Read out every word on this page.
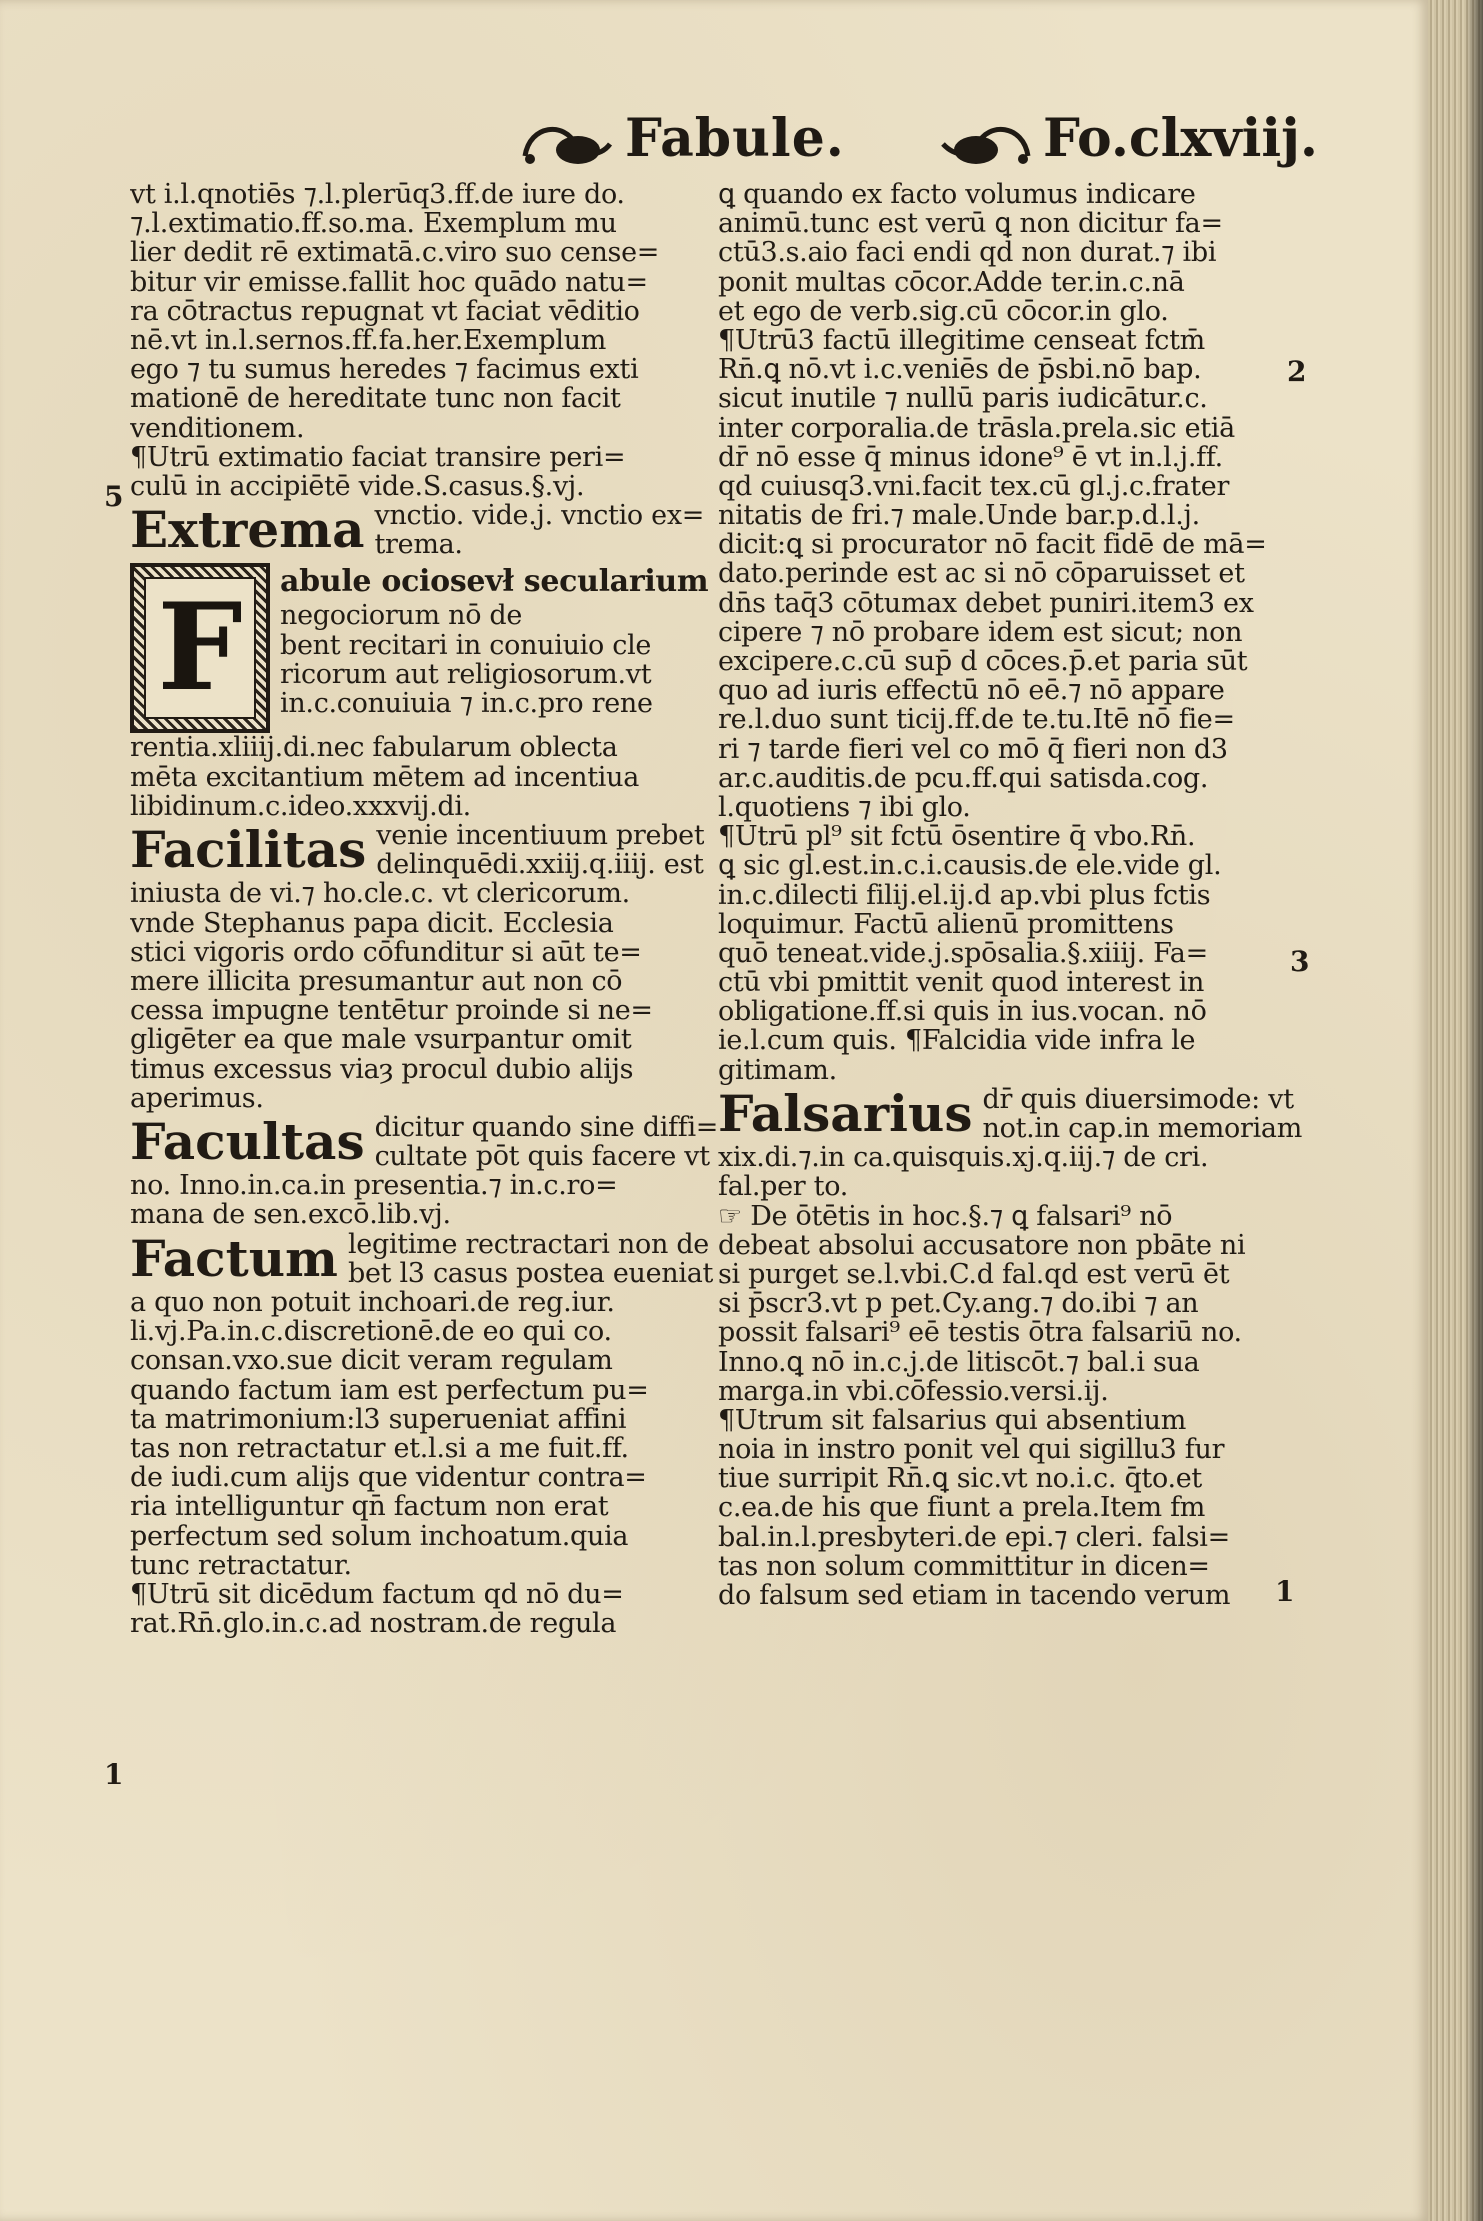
Fabule.	Fo.clxviij.
vt i.l.qnotiēs ⁊.l.plerūq3.ff.de iure do.
⁊.l.extimatio.ff.so.ma. Exemplum mu
lier dedit rē extimatā.c.viro suo cense=
bitur vir emisse.fallit hoc quādo natu=
ra cōtractus repugnat vt faciat vēditio
nē.vt in.l.sernos.ff.fa.her.Exemplum
ego ⁊ tu sumus heredes ⁊ facimus exti
mationē de hereditate tunc non facit
venditionem.
¶Utrū extimatio faciat transire peri=
culū in accipiētē vide.S.casus.§.vj.
Extrema vnctio. vide.j. vnctio ex=
trema.
F abule ociosevł secularium
negociorum nō de
bent recitari in conuiuio cle
ricorum aut religiosorum.vt
in.c.conuiuia ⁊ in.c.pro rene
rentia.xliiij.di.nec fabularum oblecta
mēta excitantium mētem ad incentiua
libidinum.c.ideo.xxxvij.di.
Facilitas venie incentiuum prebet
delinquēdi.xxiij.q.iiij. est
iniusta de vi.⁊ ho.cle.c. vt clericorum.
vnde Stephanus papa dicit. Ecclesia
stici vigoris ordo cōfunditur si aūt te=
mere illicita presumantur aut non cō
cessa impugne tentētur proinde si ne=
gligēter ea que male vsurpantur omit
timus excessus viaȝ procul dubio alijs
aperimus.
Facultas dicitur quando sine diffi=
cultate pōt quis facere vt
no. Inno.in.ca.in presentia.⁊ in.c.ro=
mana de sen.excō.lib.vj.
Factum legitime rectractari non de
bet l3 casus postea eueniat
a quo non potuit inchoari.de reg.iur.
li.vj.Pa.in.c.discretionē.de eo qui co.
consan.vxo.sue dicit veram regulam
quando factum iam est perfectum pu=
ta matrimonium:l3 superueniat affini
tas non retractatur et.l.si a me fuit.ff.
de iudi.cum alijs que videntur contra=
ria intelliguntur qn̄ factum non erat
perfectum sed solum inchoatum.quia
tunc retractatur.
¶Utrū sit dicēdum factum qd̄ nō du=
rat.Rn̄.glo.in.c.ad nostram.de regula
5
1
ꝗ quando ex facto volumus indicare
animū.tunc est verū ꝗ non dicitur fa=
ctū3.s.aio faci endi qd̄ non durat.⁊ ibi
ponit multas cōcor.Adde ter.in.c.nā
et ego de verb.sig.cū cōcor.in glo.
¶Utrū3 factū illegitime censeat fctm̄
Rn̄.ꝗ nō.vt i.c.veniēs de p̄sbi.nō bap.
sicut inutile ⁊ nullū paris iudicātur.c.
inter corporalia.de trāsla.prela.sic etiā
dr̄ nō esse q̄ minus idone⁹ ē vt in.l.j.ff.
qd̄ cuiusq3.vni.facit tex.cū gl.j.c.frater
nitatis de fri.⁊ male.Unde bar.p.d.l.j.
dicit:ꝗ si procurator nō facit fidē de mā=
dato.perinde est ac si nō cōparuisset et
dn̄s taq̄3 cōtumax debet puniri.item3 ex
cipere ⁊ nō probare idem est sicut; non
excipere.c.cū sup̄ d̄ cōces.p̄.et paria sūt
quo ad iuris effectū nō eē.⁊ nō appare
re.l.duo sunt ticij.ff.de te.tu.Itē nō fie=
ri ⁊ tarde fieri vel co mō q̄ fieri non d3
ar.c.auditis.de pcu.ff.qui satisda.cog.
l.quotiens ⁊ ibi glo.
¶Utrū pl⁹ sit fctū ōsentire q̄ vbo.Rn̄.
ꝗ sic gl.est.in.c.i.causis.de ele.vide gl.
in.c.dilecti filij.el.ij.d̄ ap.vbi plus fctis
loquimur. Factū alienū promittens
quō teneat.vide.j.spōsalia.§.xiiij. Fa=
ctū vbi pmittit venit quod interest in
obligatione.ff.si quis in ius.vocan. nō
ie.l.cum quis. ¶Falcidia vide infra le
gitimam.
Falsarius dr̄ quis diuersimode: vt
not.in cap.in memoriam
xix.di.⁊.in ca.quisquis.xj.q.iij.⁊ de cri.
fal.per to.
☞ De ōtētis in hoc.§.⁊ ꝗ falsari⁹ nō
debeat absolui accusatore non pbāte ni
si purget se.l.vbi.C.d̄ fal.qd̄ est verū ēt
si p̄scr3.vt p pet.Cy.ang.⁊ do.ibi ⁊ an
possit falsari⁹ eē testis ōtra falsariū no.
Inno.ꝗ nō in.c.j.de litiscōt.⁊ bal.i sua
marga.in vbi.cōfessio.versi.ij.
¶Utrum sit falsarius qui absentium
noia in instro ponit vel qui sigillu3 fur
tiue surripit Rn̄.ꝗ sic.vt no.i.c. q̄to.et
c.ea.de his que fiunt a prela.Item fm
bal.in.l.presbyteri.de epi.⁊ cleri. falsi=
tas non solum committitur in dicen=
do falsum sed etiam in tacendo verum
2
3
1
